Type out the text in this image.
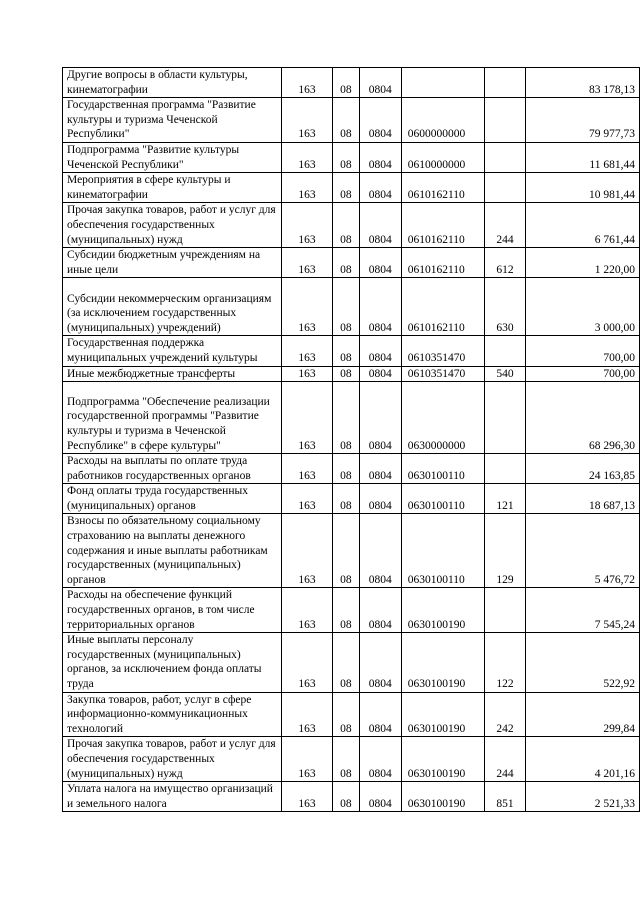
Другие вопросы в области культуры, кинематографии	163	08	0804			83 178,13
Государственная программа "Развитие культуры и туризма Чеченской Республики"	163	08	0804	0600000000		79 977,73
Подпрограмма "Развитие культуры Чеченской Республики"	163	08	0804	0610000000		11 681,44
Мероприятия в сфере культуры и кинематографии	163	08	0804	0610162110		10 981,44
Прочая закупка товаров, работ и услуг для обеспечения государственных (муниципальных) нужд	163	08	0804	0610162110	244	6 761,44
Субсидии бюджетным учреждениям на иные цели	163	08	0804	0610162110	612	1 220,00
Субсидии некоммерческим организациям (за исключением государственных (муниципальных) учреждений)	163	08	0804	0610162110	630	3 000,00
Государственная поддержка муниципальных учреждений культуры	163	08	0804	0610351470		700,00
Иные межбюджетные трансферты	163	08	0804	0610351470	540	700,00
Подпрограмма "Обеспечение реализации государственной программы "Развитие культуры и туризма в Чеченской Республике" в сфере культуры"	163	08	0804	0630000000		68 296,30
Расходы на выплаты по оплате труда работников государственных органов	163	08	0804	0630100110		24 163,85
Фонд оплаты труда государственных (муниципальных) органов	163	08	0804	0630100110	121	18 687,13
Взносы по обязательному социальному страхованию на выплаты денежного содержания и иные выплаты работникам государственных (муниципальных) органов	163	08	0804	0630100110	129	5 476,72
Расходы на обеспечение функций государственных органов, в том числе территориальных органов	163	08	0804	0630100190		7 545,24
Иные выплаты персоналу государственных (муниципальных) органов, за исключением фонда оплаты труда	163	08	0804	0630100190	122	522,92
Закупка товаров, работ, услуг в сфере информационно-коммуникационных технологий	163	08	0804	0630100190	242	299,84
Прочая закупка товаров, работ и услуг для обеспечения государственных (муниципальных) нужд	163	08	0804	0630100190	244	4 201,16
Уплата налога на имущество организаций и земельного налога	163	08	0804	0630100190	851	2 521,33
